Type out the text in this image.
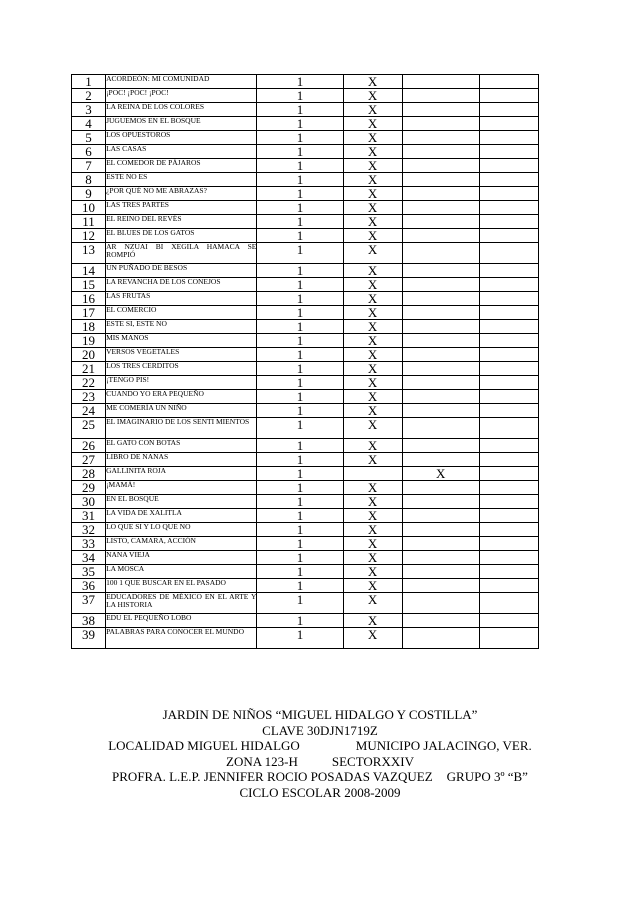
1	ACORDEÓN: MI COMUNIDAD	1	X		
2	¡POC! ¡POC! ¡POC!	1	X		
3	LA REINA DE LOS COLORES	1	X		
4	JUGUEMOS EN EL BOSQUE	1	X		
5	LOS OPUESTOROS	1	X		
6	LAS CASAS	1	X		
7	EL COMEDOR DE PÁJAROS	1	X		
8	ESTE NO ES	1	X		
9	¿POR QUÉ NO ME ABRAZAS?	1	X		
10	LAS TRES PARTES	1	X		
11	EL REINO DEL REVÉS	1	X		
12	EL BLUES DE LOS GATOS	1	X		
13	AR NZUAI BI XEGILA HAMACA SE ROMPIÓ	1	X		
14	UN PUÑADO DE BESOS	1	X		
15	LA REVANCHA DE LOS CONEJOS	1	X		
16	LAS FRUTAS	1	X		
17	EL COMERCIO	1	X		
18	ESTE SI, ESTE NO	1	X		
19	MIS MANOS	1	X		
20	VERSOS VEGETALES	1	X		
21	LOS TRES CERDITOS	1	X		
22	¡TENGO PIS!	1	X		
23	CUANDO YO ERA PEQUEÑO	1	X		
24	ME COMERÍA UN NIÑO	1	X		
25	EL IMAGINARIO DE LOS SENTI MIENTOS	1	X		
26	EL GATO CON BOTAS	1	X		
27	LIBRO DE NANAS	1	X		
28	GALLINITA ROJA	1		X	
29	¡MAMÁ!	1	X		
30	EN EL BOSQUE	1	X		
31	LA VIDA DE XALITLA	1	X		
32	LO QUE SI Y LO QUE NO	1	X		
33	LISTO, CAMARA, ACCIÓN	1	X		
34	NANA VIEJA	1	X		
35	LA MOSCA	1	X		
36	100 1 QUE BUSCAR EN EL PASADO	1	X		
37	EDUCADORES DE MÉXICO EN EL ARTE Y LA HISTORIA	1	X		
38	EDU EL PEQUEÑO LOBO	1	X		
39	PALABRAS PARA CONOCER EL MUNDO	1	X		
JARDIN DE NIÑOS “MIGUEL HIDALGO Y COSTILLA”
CLAVE 30DJN1719Z
LOCALIDAD MIGUEL HIDALGO	MUNICIPO JALACINGO, VER.
ZONA 123-H	SECTORXXIV
PROFRA. L.E.P. JENNIFER ROCIO POSADAS VAZQUEZ GRUPO 3º “B”
CICLO ESCOLAR 2008-2009
